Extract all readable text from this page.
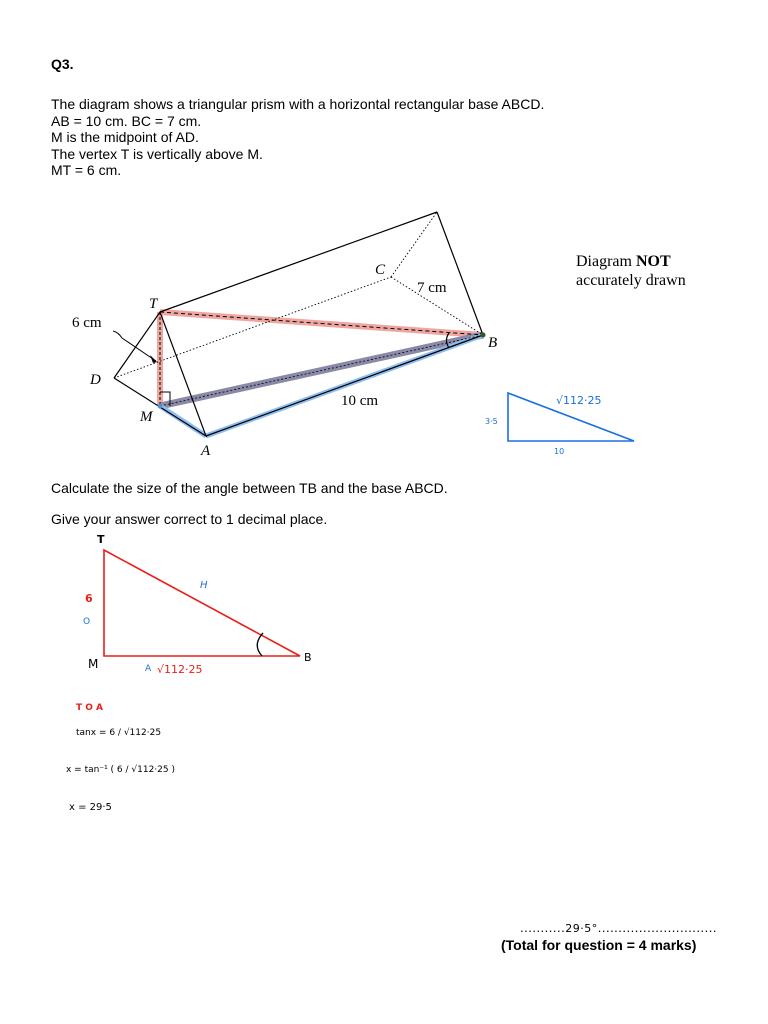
Q3.
The diagram shows a triangular prism with a horizontal rectangular base ABCD.
AB = 10 cm. BC = 7 cm.
M is the midpoint of AD.
The vertex T is vertically above M.
MT = 6 cm.
Calculate the size of the angle between TB and the base ABCD.
Give your answer correct to 1 decimal place.
T
C
B
D
M
A
6 cm
7 cm
10 cm
Diagram NOT
accurately drawn
√112·25
3·5
10
T
M	B
H
6
O
A √112·25
T O A
tanx = 6 / √112·25
x = tan⁻¹ ( 6 / √112·25 )
x = 29·5
...........29·5°.............................
(Total for question = 4 marks)
